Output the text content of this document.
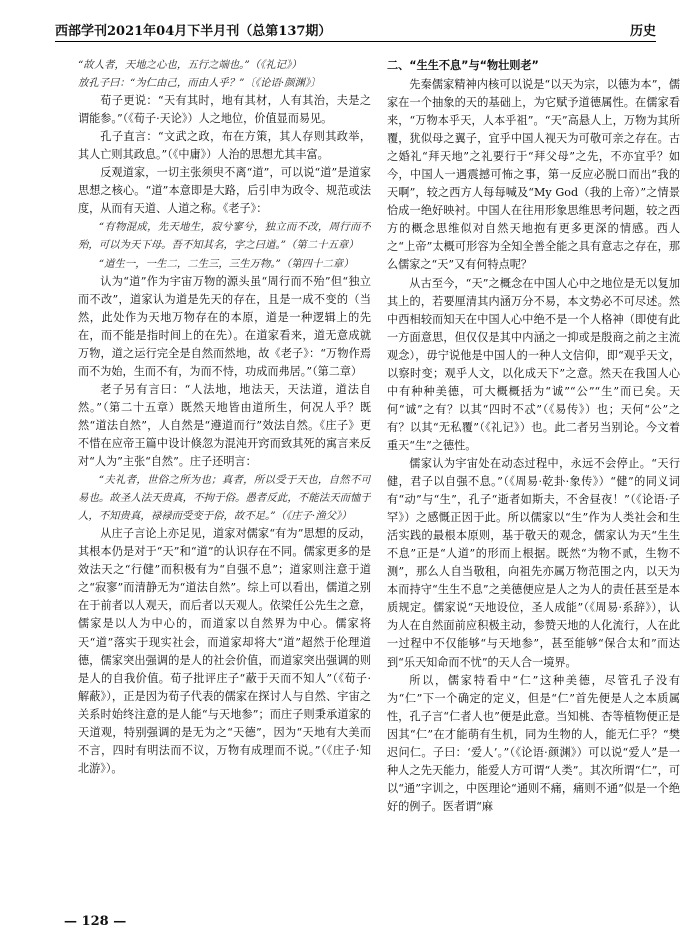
西部学刊2021年04月下半月刊（总第137期）	历史

“故人者，天地之心也，五行之端也。”（《礼记》）

放孔子曰：“为仁由己，而由人乎？”〔《论语·颜渊》〕

荀子更说：“天有其时，地有其材，人有其治，夫是之谓能参。”（《荀子·天论》）人之地位，价值显而易见。

孔子直言：“文武之政，布在方策，其人存则其政举，其人亡则其政息。”（《中庸》）人治的思想尤其丰富。

反观道家，一切主张须臾不离“道”，可以说“道”是道家思想之核心。“道”本意即是大路，后引申为政令、规范或法度，从而有天道、人道之称。《老子》：

“有物混成，先天地生，寂兮寥兮，独立而不改，周行而不殆，可以为天下母。吾不知其名，字之曰道。”（第二十五章）

“道生一，一生二，二生三，三生万物。”（第四十二章）

认为“道”作为宇宙万物的源头虽“周行而不殆”但“独立而不改”，道家认为道是先天的存在，且是一成不变的（当然，此处作为天地万物存在的本原，道是一种逻辑上的先在，而不能是指时间上的在先）。在道家看来，道无意成就万物，道之运行完全是自然而然地，故《老子》：“万物作焉而不为始，生而不有，为而不恃，功成而弗居。”（第二章）

老子另有言曰：“人法地，地法天，天法道，道法自然。”（第二十五章）既然天地皆由道所生，何况人乎？既然“道法自然”，人自然是“遵道而行”效法自然。《庄子》更不惜在应帝王篇中设计倏忽为混沌开窍而致其死的寓言来反对“人为”主张“自然”。庄子还明言：

“夫礼者，世俗之所为也；真者，所以受于天也，自然不可易也。故圣人法天贵真，不拘于俗。愚者反此，不能法天而恤于人，不知贵真，禄禄而受变于俗，故不足。”（《庄子·渔父》）

从庄子言论上亦足见，道家对儒家“有为”思想的反动，其根本仍是对于“天”和“道”的认识存在不同。儒家更多的是效法天之“行健”而积极有为“自强不息”；道家则注意于道之“寂寥”而清静无为“道法自然”。综上可以看出，儒道之别在于前者以人观天，而后者以天观人。依梁任公先生之意，儒家是以人为中心的，而道家以自然界为中心。儒家将天“道”落实于现实社会，而道家却将大“道”超然于伦理道德，儒家突出强调的是人的社会价值，而道家突出强调的则是人的自我价值。荀子批评庄子“蔽于天而不知人”（《荀子·解蔽》），正是因为荀子代表的儒家在探讨人与自然、宇宙之关系时始终注意的是人能“与天地参”；而庄子则秉承道家的天道观，特别强调的是无为之“天德”，因为“天地有大美而不言，四时有明法而不议，万物有成理而不说。”（《庄子·知北游》）。

二、“生生不息”与“物壮则老”

先秦儒家精神内核可以说是“以天为宗，以德为本”，儒家在一个抽象的天的基础上，为它赋予道德属性。在儒家看来，“万物本乎天，人本乎祖”。“天”高悬人上，万物为其所覆，犹似母之翼子，宜乎中国人视天为可敬可亲之存在。古之婚礼“拜天地”之礼要行于“拜父母”之先，不亦宜乎？如今，中国人一遇震撼可怖之事，第一反应必脱口而出“我的天啊”，较之西方人每每喊及“My God（我的上帝）”之情景恰成一绝好映衬。中国人在往用形象思维思考问题，较之西方的概念思维似对自然天地抱有更多更深的情感。西人之“上帝”太概可形容为全知全善全能之具有意志之存在，那么儒家之“天”又有何特点呢？

从古至今，“天”之概念在中国人心中之地位是无以复加其上的，若要厘清其内涵万分不易，本文势必不可尽述。然中西相较而知天在中国人心中绝不是一个人格神（即使有此一方面意思，但仅仅是其中内涵之一抑或是殷商之前之主流观念），毋宁说他是中国人的一种人文信仰，即“观乎天文，以察时变；观乎人文，以化成天下”之意。然天在我国人心中有种种美德，可大概概括为“诚”“公”“生”而已矣。天何“诚”之有？以其“四时不忒”（《易传》）也；天何“公”之有？以其“无私覆”（《礼记》）也。此二者另当别论。今文着重天“生”之德性。

儒家认为宇宙处在动态过程中，永远不会停止。“天行健，君子以自强不息。”（《周易·乾卦·象传》）“健”的同义词有“动”与“生”，孔子“逝者如斯夫，不舍昼夜！”（《论语·子罕》）之感慨正因于此。所以儒家以“生”作为人类社会和生活实践的最根本原则，基于敬天的观念，儒家认为天“生生不息”正是“人道”的形而上根据。既然“为物不贰，生物不测”，那么人自当敬租，向祖先亦属万物范围之内，以天为本而持守“生生不息”之美德便应是人之为人的责任甚至是本质规定。儒家说“天地设位，圣人成能”（《周易·系辞》），认为人在自然面前应积极主动，参赞天地的人化流行，人在此一过程中不仅能够“与天地参”，甚至能够“保合太和”而达到“乐天知命而不忧”的天人合一境界。

所以，儒家特看中“仁”这种美德，尽管孔子没有为“仁”下一个确定的定义，但是“仁”首先便是人之本质属性，孔子言“仁者人也”便是此意。当知桃、杏等植物便正是因其“仁”在才能萌有生机，同为生物的人，能无仁乎？“樊迟问仁。子曰：‘爱人’。”（《论语·颜渊》）可以说“爱人”是一种人之先天能力，能爱人方可谓“人类”。其次所谓“仁”，可以“通”字训之，中医理论“通则不痛，痛则不通”似是一个绝好的例子。医者谓“麻

— 128 —
